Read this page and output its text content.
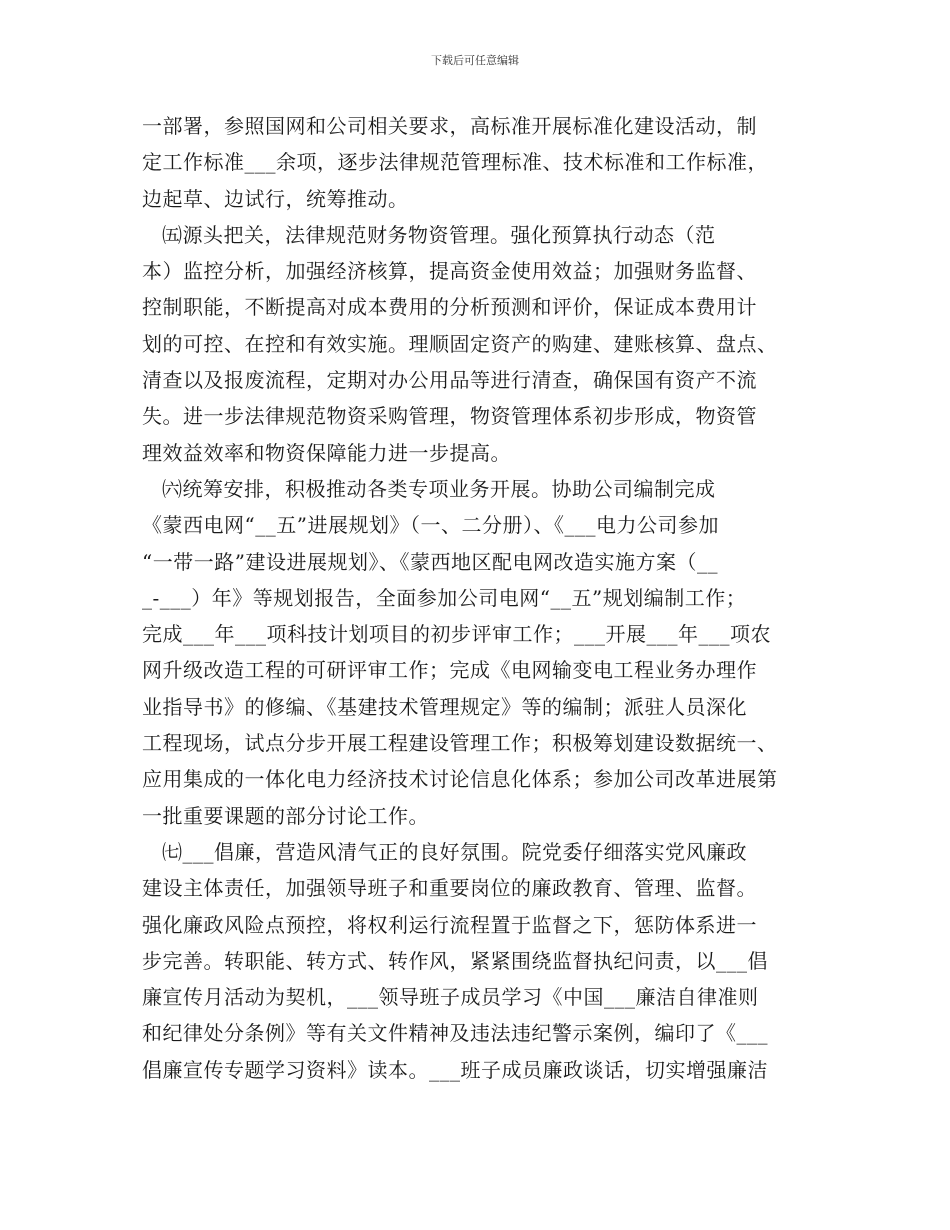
下载后可任意编辑
一部署，参照国网和公司相关要求，高标准开展标准化建设活动，制
定工作标准___余项，逐步法律规范管理标准、技术标准和工作标准，
边起草、边试行，统筹推动。
㈤源头把关，法律规范财务物资管理。强化预算执行动态（范
本）监控分析，加强经济核算，提高资金使用效益；加强财务监督、
控制职能，不断提高对成本费用的分析预测和评价，保证成本费用计
划的可控、在控和有效实施。理顺固定资产的购建、建账核算、盘点、
清查以及报废流程，定期对办公用品等进行清查，确保国有资产不流
失。进一步法律规范物资采购管理，物资管理体系初步形成，物资管
理效益效率和物资保障能力进一步提高。
㈥统筹安排，积极推动各类专项业务开展。协助公司编制完成
《蒙西电网“__五”进展规划》（一、二分册）、《___电力公司参加
“一带一路”建设进展规划》、《蒙西地区配电网改造实施方案（__
_-___）年》等规划报告，全面参加公司电网“__五”规划编制工作；
完成___年___项科技计划项目的初步评审工作；___开展___年___项农
网升级改造工程的可研评审工作；完成《电网输变电工程业务办理作
业指导书》的修编、《基建技术管理规定》等的编制；派驻人员深化
工程现场，试点分步开展工程建设管理工作；积极筹划建设数据统一、
应用集成的一体化电力经济技术讨论信息化体系；参加公司改革进展第
一批重要课题的部分讨论工作。
㈦___倡廉，营造风清气正的良好氛围。院党委仔细落实党风廉政
建设主体责任，加强领导班子和重要岗位的廉政教育、管理、监督。
强化廉政风险点预控，将权利运行流程置于监督之下，惩防体系进一
步完善。转职能、转方式、转作风，紧紧围绕监督执纪问责，以___倡
廉宣传月活动为契机，___领导班子成员学习《中国___廉洁自律准则
和纪律处分条例》等有关文件精神及违法违纪警示案例，编印了《___
倡廉宣传专题学习资料》读本。___班子成员廉政谈话，切实增强廉洁
